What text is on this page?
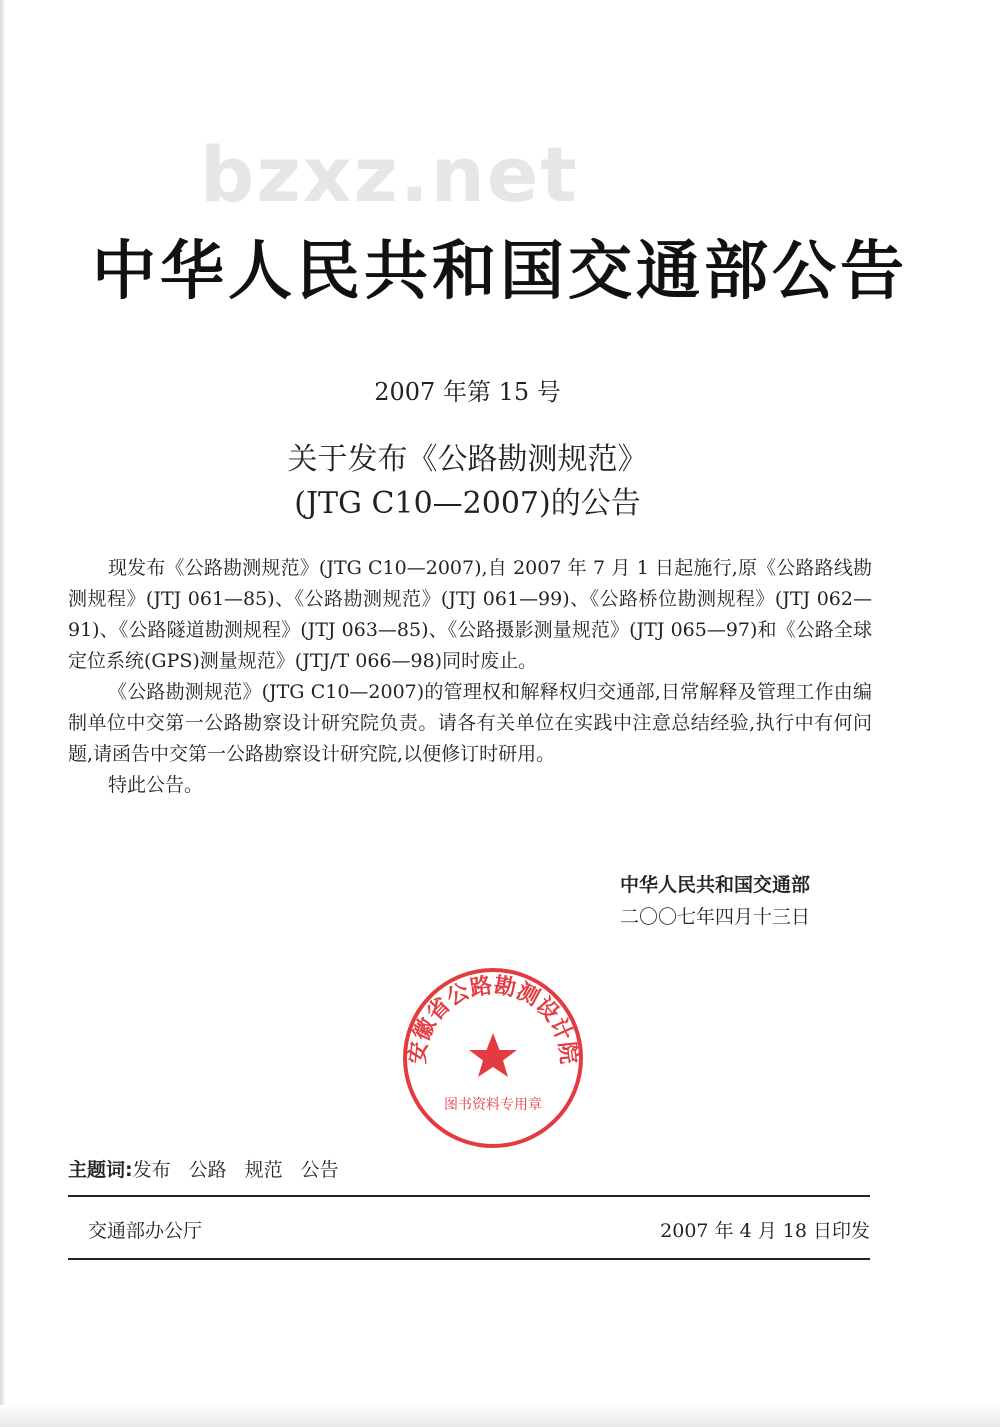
bzxz.net
中华人民共和国交通部公告
2007 年第 15 号
关于发布《公路勘测规范》
(JTG C10—2007)的公告

现发布《公路勘测规范》(JTG C10—2007),自 2007 年 7 月 1 日起施行,原《公路路线勘测规程》(JTJ 061—85)、《公路勘测规范》(JTJ 061—99)、《公路桥位勘测规程》(JTJ 062—91)、《公路隧道勘测规程》(JTJ 063—85)、《公路摄影测量规范》(JTJ 065—97)和《公路全球定位系统(GPS)测量规范》(JTJ/T 066—98)同时废止。

《公路勘测规范》(JTG C10—2007)的管理权和解释权归交通部,日常解释及管理工作由编制单位中交第一公路勘察设计研究院负责。请各有关单位在实践中注意总结经验,执行中有何问题,请函告中交第一公路勘察设计研究院,以便修订时研用。

特此公告。

中华人民共和国交通部
二〇〇七年四月十三日
安徽省公路勘测设计院
图书资料专用章
主题词:发布 公路 规范 公告
交通部办公厅	2007 年 4 月 18 日印发
